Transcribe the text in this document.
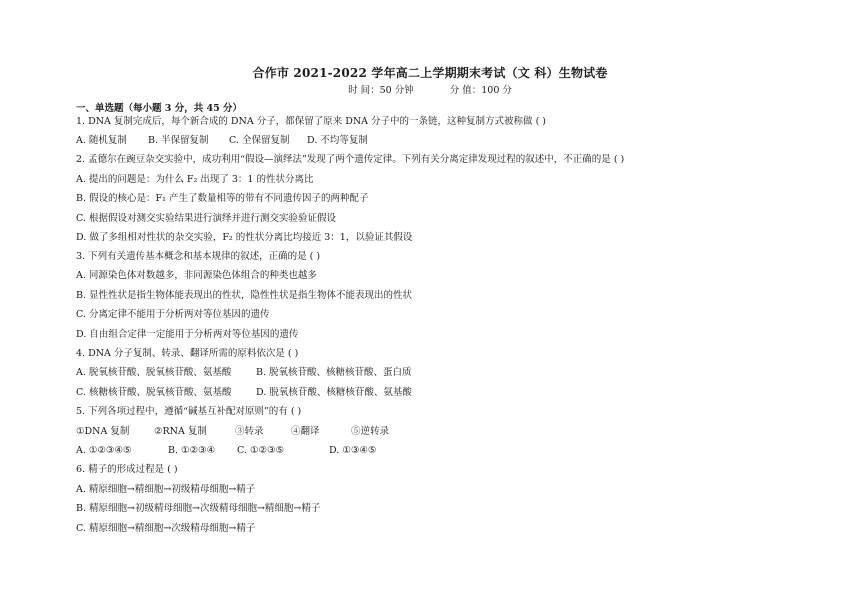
合作市 2021-2022 学年高二上学期期末考试（文 科）生物试卷
时 间：50 分钟	分 值：100 分
一、单选题（每小题 3 分，共 45 分）
1. DNA 复制完成后，每个新合成的 DNA 分子，都保留了原来 DNA 分子中的一条链，这种复制方式被称做 ( )
A. 随机复制 B. 半保留复制 C. 全保留复制 D. 不均等复制
2. 孟德尔在豌豆杂交实验中，成功利用“假设—演绎法”发现了两个遗传定律。下列有关分离定律发现过程的叙述中，不正确的是 ( )
A. 提出的问题是：为什么 F₂ 出现了 3：1 的性状分离比
B. 假设的核心是：F₁ 产生了数量相等的带有不同遗传因子的两种配子
C. 根据假设对测交实验结果进行演绎并进行测交实验验证假设
D. 做了多组相对性状的杂交实验，F₂ 的性状分离比均接近 3：1，以验证其假设
3. 下列有关遗传基本概念和基本规律的叙述，正确的是 ( )
A. 同源染色体对数越多，非同源染色体组合的种类也越多
B. 显性性状是指生物体能表现出的性状，隐性性状是指生物体不能表现出的性状
C. 分离定律不能用于分析两对等位基因的遗传
D. 自由组合定律一定能用于分析两对等位基因的遗传
4. DNA 分子复制、转录、翻译所需的原料依次是 ( )
A. 脱氧核苷酸、脱氧核苷酸、氨基酸	B. 脱氧核苷酸、核糖核苷酸、蛋白质
C. 核糖核苷酸、脱氧核苷酸、氨基酸	D. 脱氧核苷酸、核糖核苷酸、氨基酸
5. 下列各项过程中，遵循“碱基互补配对原则”的有 ( )
①DNA 复制	②RNA 复制	③转录	④翻译	⑤逆转录
A. ①②③④⑤	B. ①②③④ C. ①②③⑤	D. ①③④⑤
6. 精子的形成过程是 ( )
A. 精原细胞→精细胞→初级精母细胞→精子
B. 精原细胞→初级精母细胞→次级精母细胞→精细胞→精子
C. 精原细胞→精细胞→次级精母细胞→精子
